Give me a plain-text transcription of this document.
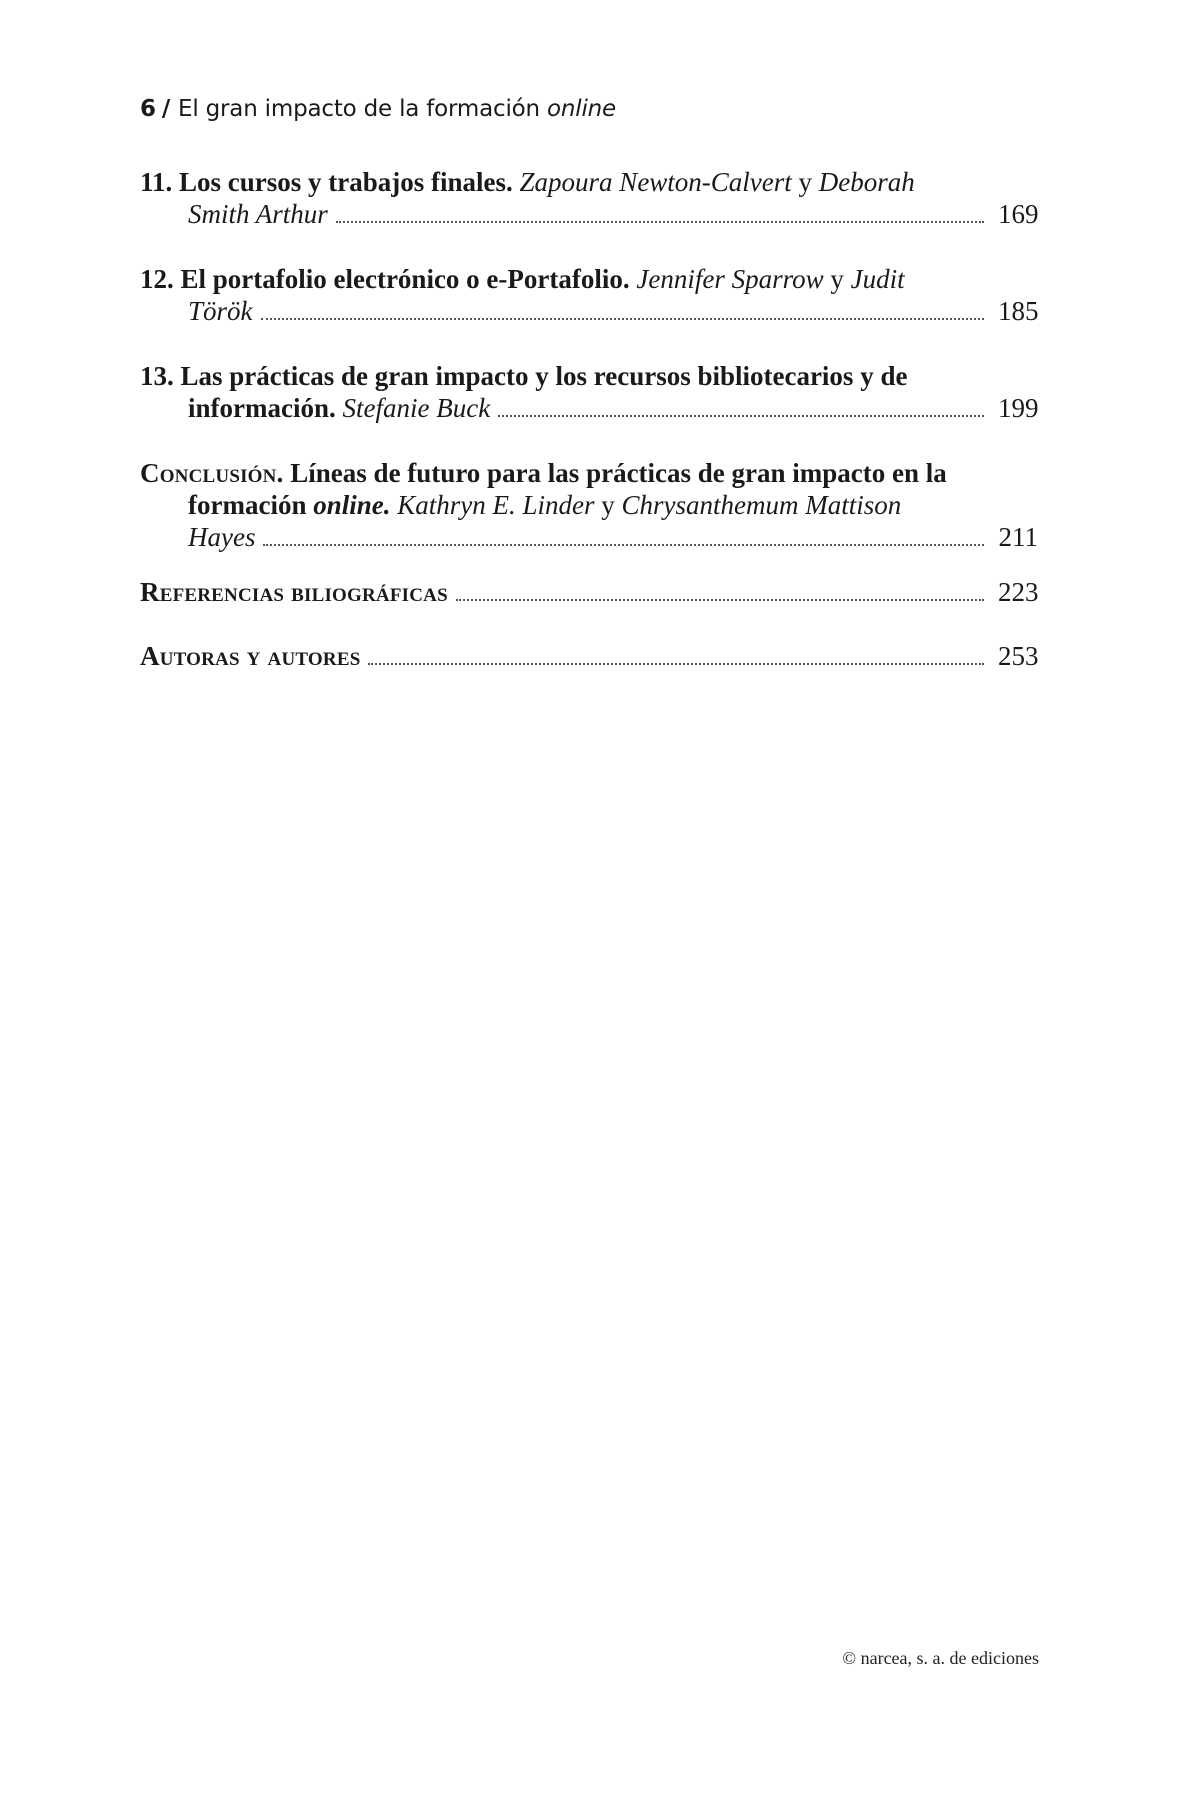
6 / El gran impacto de la formación online
11. Los cursos y trabajos finales. Zapoura Newton-Calvert y Deborah
Smith Arthur	169
12. El portafolio electrónico o e-Portafolio. Jennifer Sparrow y Judit
Török	185
13. Las prácticas de gran impacto y los recursos bibliotecarios y de
información.
Stefanie Buck	199
Conclusión. Líneas de futuro para las prácticas de gran impacto en la formación online. Kathryn E. Linder y Chrysanthemum Mattison
Hayes	211
Referencias biliográficas	223
Autoras y autores	253
© narcea, s. a. de ediciones
